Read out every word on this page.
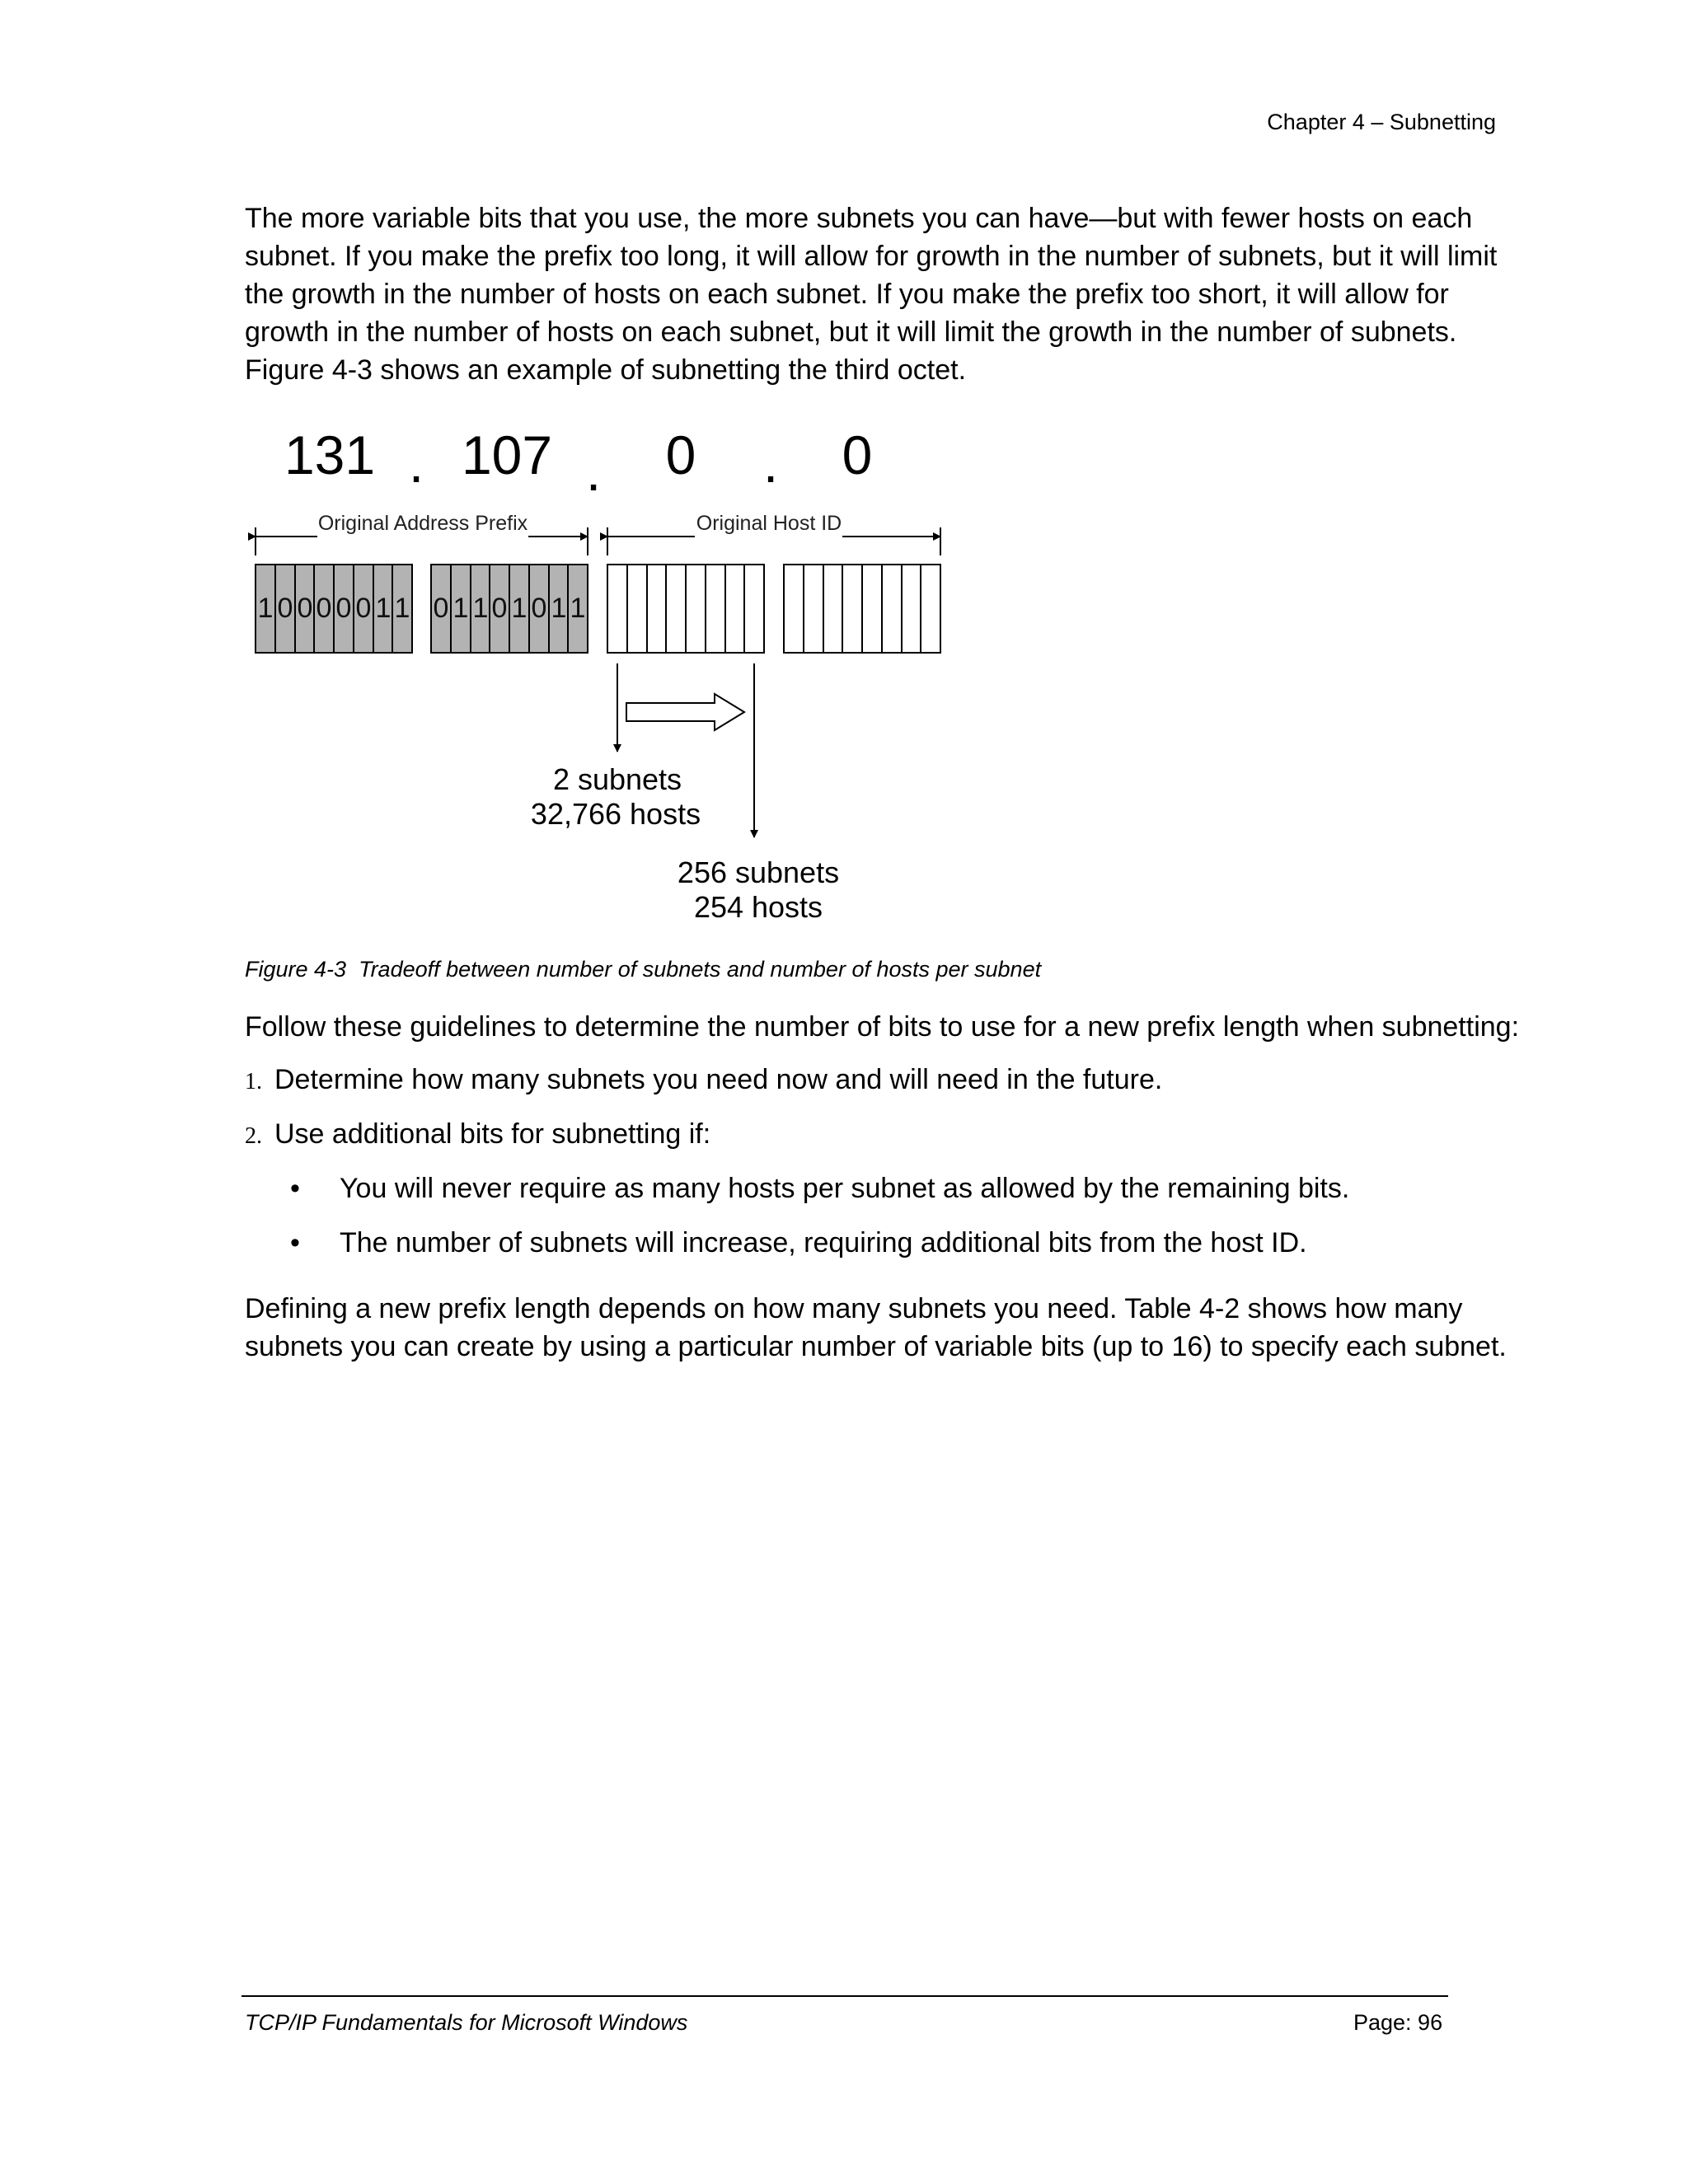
Chapter 4 – Subnetting

The more variable bits that you use, the more subnets you can have—but with fewer hosts on each subnet. If you make the prefix too long, it will allow for growth in the number of subnets, but it will limit the growth in the number of hosts on each subnet. If you make the prefix too short, it will allow for growth in the number of hosts on each subnet, but it will limit the growth in the number of subnets. Figure 4-3 shows an example of subnetting the third octet.

131 . 107 . 0 . 0
Original Address Prefix	Original Host ID
1 0 0 0 0 0 1 1 0 1 1 0 1 0 1 1
2 subnets
32,766 hosts
256 subnets
254 hosts
Figure 4-3 Tradeoff between number of subnets and number of hosts per subnet

Follow these guidelines to determine the number of bits to use for a new prefix length when subnetting:

1. Determine how many subnets you need now and will need in the future.
2. Use additional bits for subnetting if:
• You will never require as many hosts per subnet as allowed by the remaining bits.
• The number of subnets will increase, requiring additional bits from the host ID.

Defining a new prefix length depends on how many subnets you need. Table 4-2 shows how many subnets you can create by using a particular number of variable bits (up to 16) to specify each subnet.

TCP/IP Fundamentals for Microsoft Windows	Page: 96
